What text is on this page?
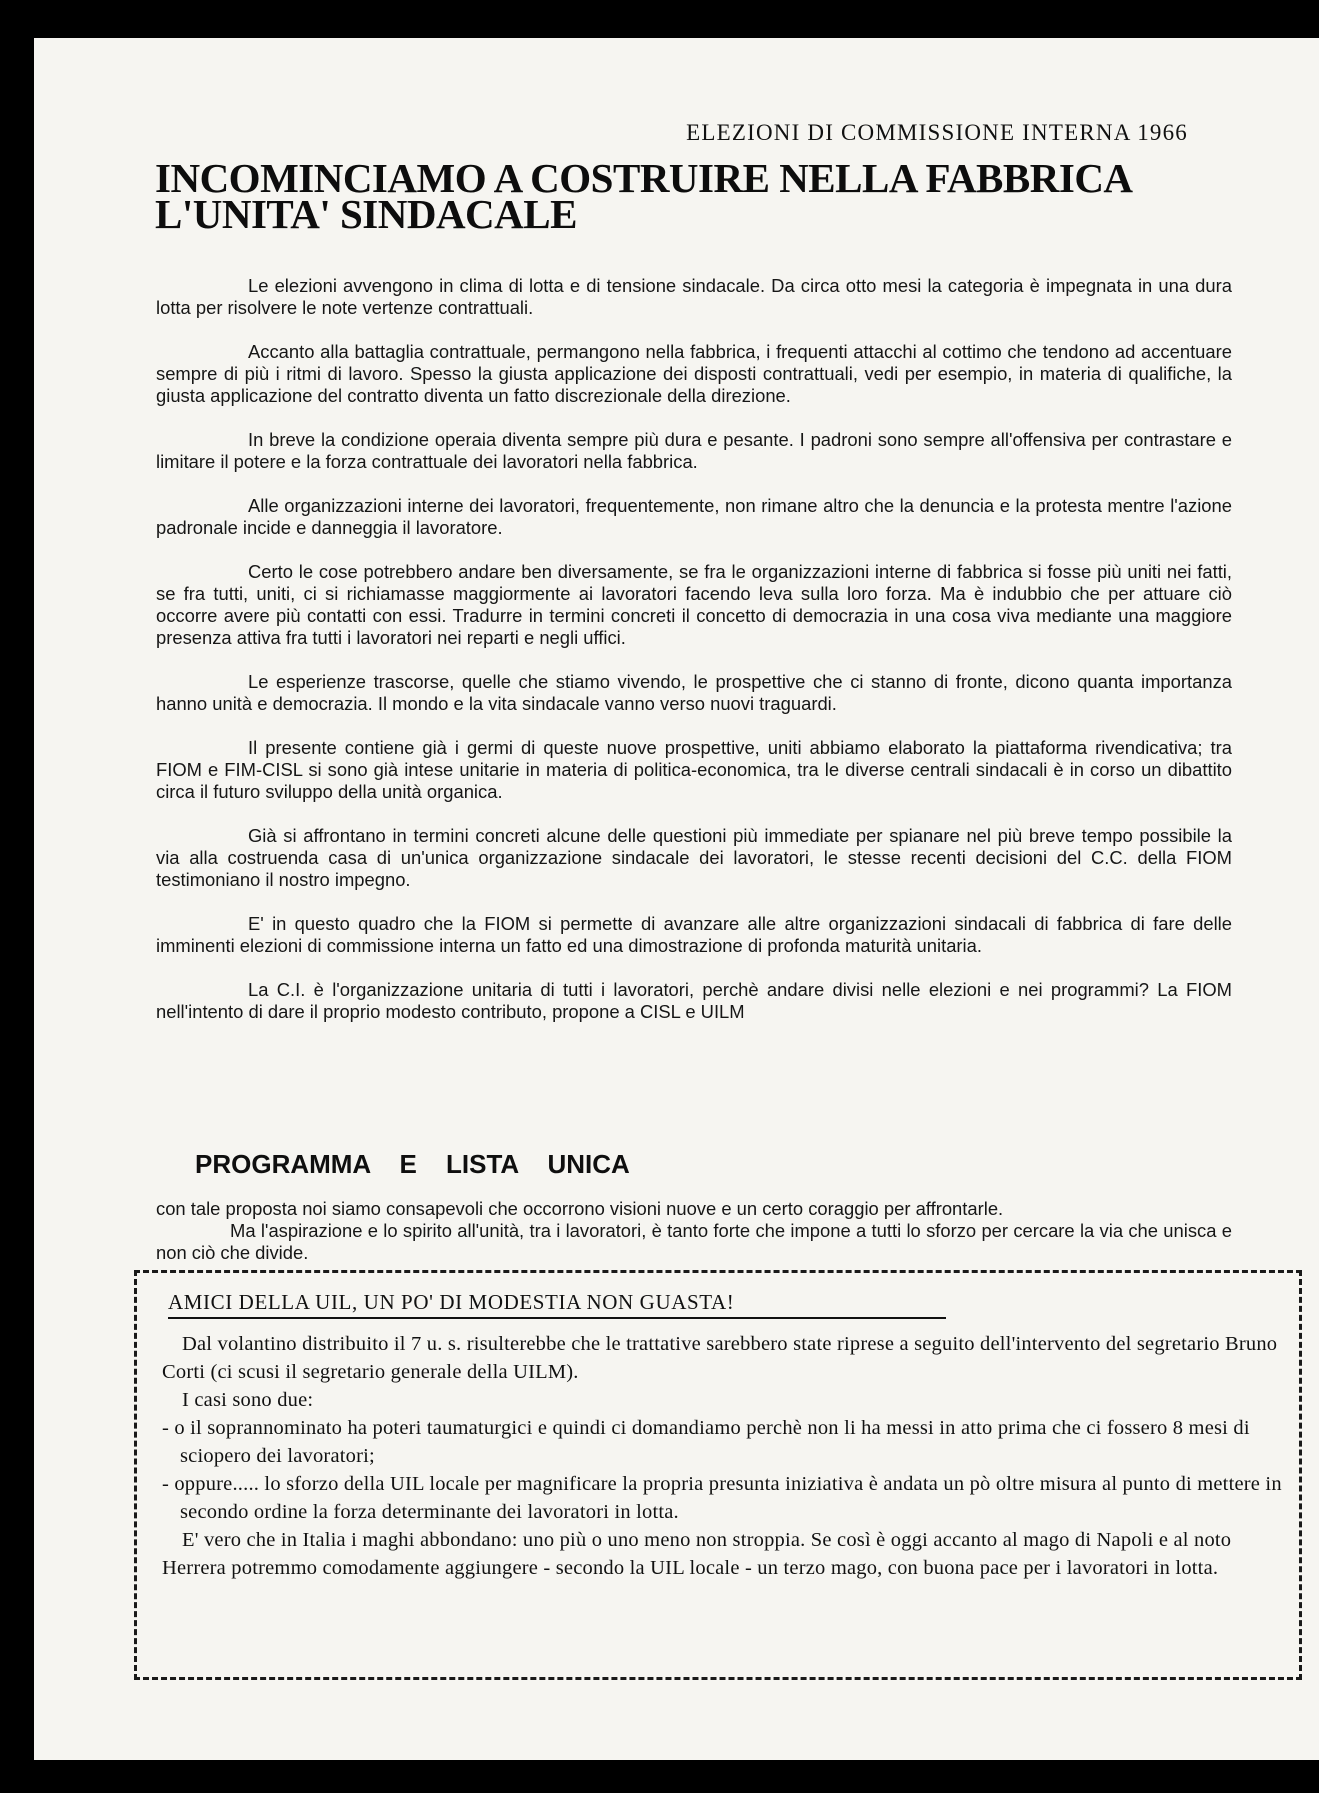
ELEZIONI DI COMMISSIONE INTERNA 1966
INCOMINCIAMO A COSTRUIRE NELLA FABBRICA
L'UNITA' SINDACALE

Le elezioni avvengono in clima di lotta e di tensione sindacale. Da circa otto mesi la categoria è impegnata in una dura lotta per risolvere le note vertenze contrattuali.

Accanto alla battaglia contrattuale, permangono nella fabbrica, i frequenti attacchi al cottimo che tendono ad accentuare sempre di più i ritmi di lavoro. Spesso la giusta applicazione dei disposti contrattuali, vedi per esempio, in materia di qualifiche, la giusta applicazione del contratto diventa un fatto discrezionale della direzione.

In breve la condizione operaia diventa sempre più dura e pesante. I padroni sono sempre all'offensiva per contrastare e limitare il potere e la forza contrattuale dei lavoratori nella fabbrica.

Alle organizzazioni interne dei lavoratori, frequentemente, non rimane altro che la denuncia e la protesta mentre l'azione padronale incide e danneggia il lavoratore.

Certo le cose potrebbero andare ben diversamente, se fra le organizzazioni interne di fabbrica si fosse più uniti nei fatti, se fra tutti, uniti, ci si richiamasse maggiormente ai lavoratori facendo leva sulla loro forza. Ma è indubbio che per attuare ciò occorre avere più contatti con essi. Tradurre in termini concreti il concetto di democrazia in una cosa viva mediante una maggiore presenza attiva fra tutti i lavoratori nei reparti e negli uffici.

Le esperienze trascorse, quelle che stiamo vivendo, le prospettive che ci stanno di fronte, dicono quanta importanza hanno unità e democrazia. Il mondo e la vita sindacale vanno verso nuovi traguardi.

Il presente contiene già i germi di queste nuove prospettive, uniti abbiamo elaborato la piattaforma rivendicativa; tra FIOM e FIM-CISL si sono già intese unitarie in materia di politica-economica, tra le diverse centrali sindacali è in corso un dibattito circa il futuro sviluppo della unità organica.

Già si affrontano in termini concreti alcune delle questioni più immediate per spianare nel più breve tempo possibile la via alla costruenda casa di un'unica organizzazione sindacale dei lavoratori, le stesse recenti decisioni del C.C. della FIOM testimoniano il nostro impegno.

E' in questo quadro che la FIOM si permette di avanzare alle altre organizzazioni sindacali di fabbrica di fare delle imminenti elezioni di commissione interna un fatto ed una dimostrazione di profonda maturità unitaria.

La C.I. è l'organizzazione unitaria di tutti i lavoratori, perchè andare divisi nelle elezioni e nei programmi? La FIOM nell'intento di dare il proprio modesto contributo, propone a CISL e UILM

PROGRAMMA E LISTA UNICA

con tale proposta noi siamo consapevoli che occorrono visioni nuove e un certo coraggio per affrontarle.

Ma l'aspirazione e lo spirito all'unità, tra i lavoratori, è tanto forte che impone a tutti lo sforzo per cercare la via che unisca e non ciò che divide.

AMICI DELLA UIL, UN PO' DI MODESTIA NON GUASTA!

Dal volantino distribuito il 7 u. s. risulterebbe che le trattative sarebbero state riprese a seguito dell'intervento del segretario Bruno Corti (ci scusi il segretario generale della UILM).

I casi sono due:

- o il soprannominato ha poteri taumaturgici e quindi ci domandiamo perchè non li ha messi in atto prima che ci fossero 8 mesi di sciopero dei lavoratori;

- oppure..... lo sforzo della UIL locale per magnificare la propria presunta iniziativa è andata un pò oltre misura al punto di mettere in secondo ordine la forza determinante dei lavoratori in lotta.

E' vero che in Italia i maghi abbondano: uno più o uno meno non stroppia. Se così è oggi accanto al mago di Napoli e al noto Herrera potremmo comodamente aggiungere - secondo la UIL locale - un terzo mago, con buona pace per i lavoratori in lotta.
